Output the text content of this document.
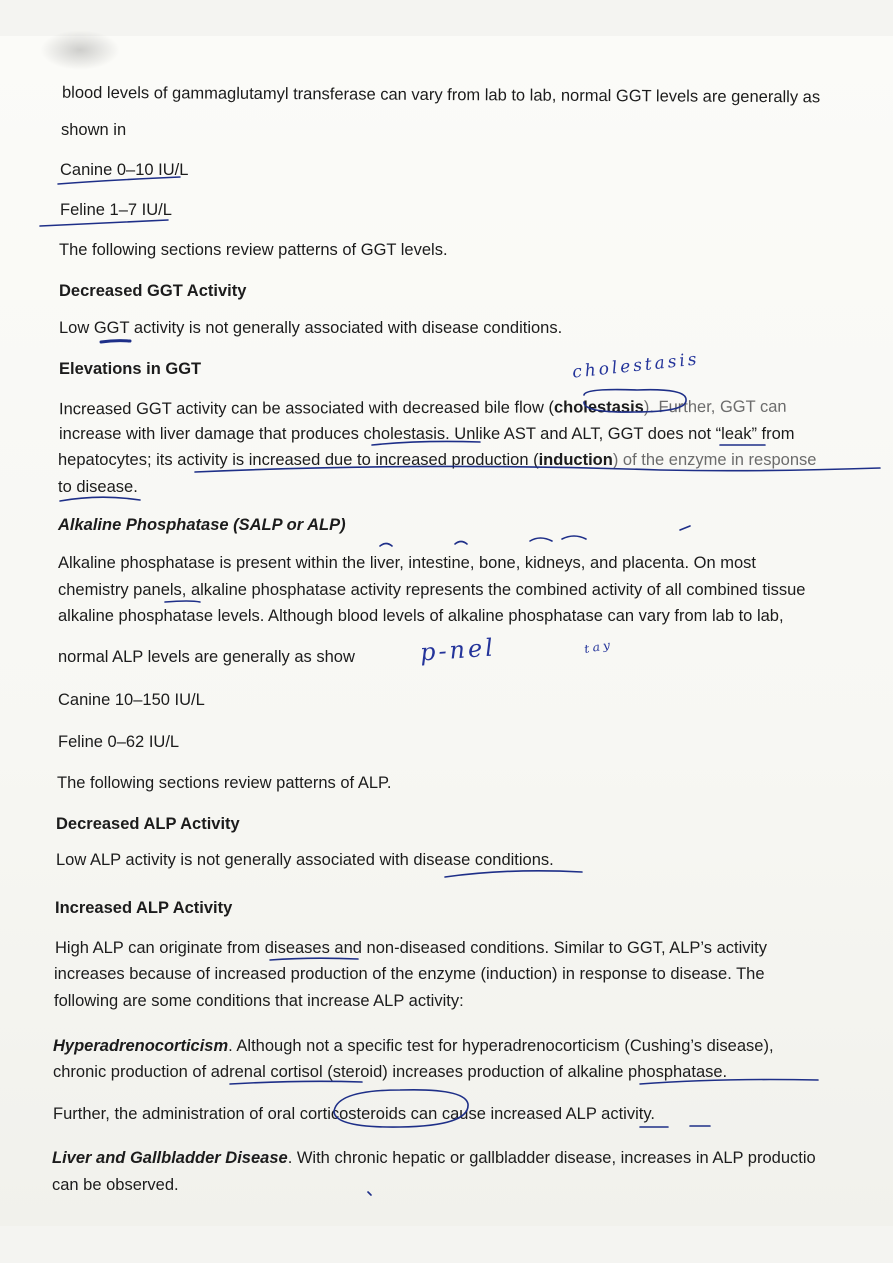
blood levels of gammaglutamyl transferase can vary from lab to lab, normal GGT levels are generally as
shown in
Canine 0–10 IU/L
Feline 1–7 IU/L
The following sections review patterns of GGT levels.
Decreased GGT Activity
Low GGT activity is not generally associated with disease conditions.
Elevations in GGT
Increased GGT activity can be associated with decreased bile flow (cholestasis). Further, GGT can
increase with liver damage that produces cholestasis. Unlike AST and ALT, GGT does not “leak” from
hepatocytes; its activity is increased due to increased production (induction) of the enzyme in response
to disease.
Alkaline Phosphatase (SALP or ALP)
Alkaline phosphatase is present within the liver, intestine, bone, kidneys, and placenta. On most
chemistry panels, alkaline phosphatase activity represents the combined activity of all combined tissue
alkaline phosphatase levels. Although blood levels of alkaline phosphatase can vary from lab to lab,
normal ALP levels are generally as show
Canine 10–150 IU/L
Feline 0–62 IU/L
The following sections review patterns of ALP.
Decreased ALP Activity
Low ALP activity is not generally associated with disease conditions.
Increased ALP Activity
High ALP can originate from diseases and non-diseased conditions. Similar to GGT, ALP’s activity
increases because of increased production of the enzyme (induction) in response to disease. The
following are some conditions that increase ALP activity:
Hyperadrenocorticism. Although not a specific test for hyperadrenocorticism (Cushing’s disease),
chronic production of adrenal cortisol (steroid) increases production of alkaline phosphatase.
Further, the administration of oral corticosteroids can cause increased ALP activity.
Liver and Gallbladder Disease. With chronic hepatic or gallbladder disease, increases in ALP productio
can be observed.
cholestasis
p-nel	ᵗᵃʸ
